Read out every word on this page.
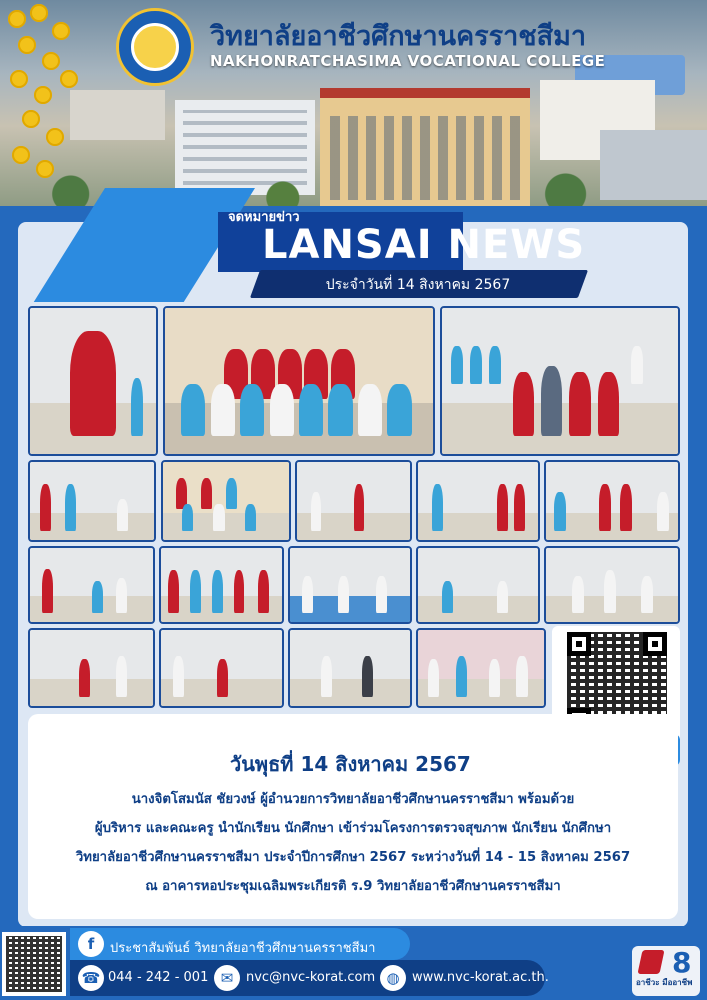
วิทยาลัยอาชีวศึกษานครราชสีมา
NAKHONRATCHASIMA VOCATIONAL COLLEGE
จดหมายข่าว
LANSAI NEWS
ประจำวันที่ 14 สิงหาคม 2567
วันพุธที่ 14 สิงหาคม 2567
นางจิตโสมนัส ชัยวงษ์ ผู้อำนวยการวิทยาลัยอาชีวศึกษานครราชสีมา พร้อมด้วย
ผู้บริหาร และคณะครู นำนักเรียน นักศึกษา เข้าร่วมโครงการตรวจสุขภาพ นักเรียน นักศึกษา
วิทยาลัยอาชีวศึกษานครราชสีมา ประจำปีการศึกษา 2567 ระหว่างวันที่ 14 - 15 สิงหาคม 2567
ณ อาคารหอประชุมเฉลิมพระเกียรติ ร.9 วิทยาลัยอาชีวศึกษานครราชสีมา
f	ประชาสัมพันธ์ วิทยาลัยอาชีวศึกษานครราชสีมา
☎ 044 - 242 - 001 ✉ nvc@nvc-korat.com ◍ www.nvc-korat.ac.th.	8
อาชีวะ มืออาชีพ
